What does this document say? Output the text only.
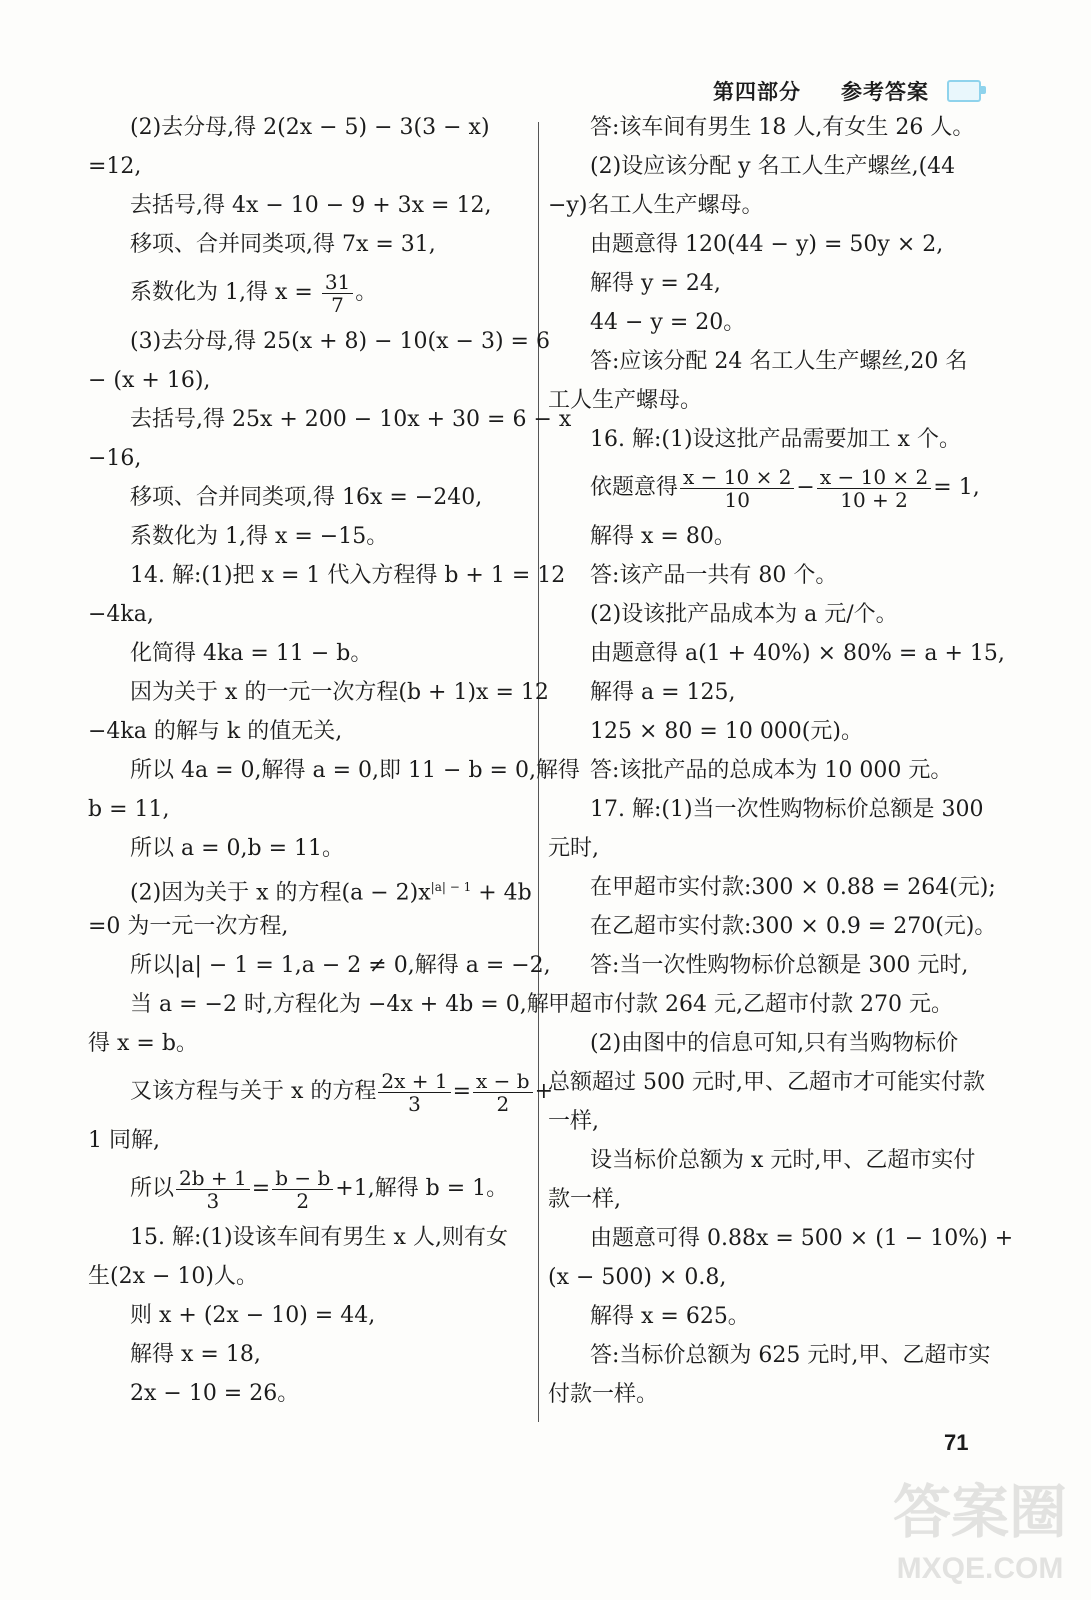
第四部分 参考答案
(2)去分母,得 2(2x − 5) − 3(3 − x)
=12,
去括号,得 4x − 10 − 9 + 3x = 12,
移项、合并同类项,得 7x = 31,
系数化为 1,得 $x = \frac{31}{7}$ 。
(3)去分母,得 25(x + 8) − 10(x − 3) = 6
− (x + 16),
去括号,得 25x + 200 − 10x + 30 = 6 − x
−16,
移项、合并同类项,得 16x = −240,
系数化为 1,得 x = −15。
14. 解:(1)把 x = 1 代入方程得 b + 1 = 12
−4ka,
化简得 4ka = 11 − b。
因为关于 x 的一元一次方程(b + 1)x = 12
−4ka 的解与 k 的值无关,
所以 4a = 0,解得 a = 0,即 11 − b = 0,解得
b = 11,
所以 a = 0,b = 11。
(2)因为关于 x 的方程$(a - 2)x^{|a| - 1} + 4b$
=0 为一元一次方程,
所以|a| − 1 = 1,a − 2 ≠ 0,解得 a = −2,
当 a = −2 时,方程化为 −4x + 4b = 0,解
得 x = b。
又该方程与关于 x 的方程 $\frac{2x + 1}{3} = \frac{x - b}{2}$ +
1 同解,
所以 $\frac{2b + 1}{3} = \frac{b - b}{2} +1$,解得 b = 1。
15. 解:(1)设该车间有男生 x 人,则有女
生(2x − 10)人。
则 x + (2x − 10) = 44,
解得 x = 18,
2x − 10 = 26。
答:该车间有男生 18 人,有女生 26 人。
(2)设应该分配 y 名工人生产螺丝,(44
−y)名工人生产螺母。
由题意得 120(44 − y) = 50y × 2,
解得 y = 24,
44 − y = 20。
答:应该分配 24 名工人生产螺丝,20 名
工人生产螺母。
16. 解:(1)设这批产品需要加工 x 个。
依题意得 $\frac{x - 10 \times 2}{10} - \frac{x - 10 \times 2}{10 + 2} = 1$,
解得 x = 80。
答:该产品一共有 80 个。
(2)设该批产品成本为 a 元/个。
由题意得 a(1 + 40%) × 80% = a + 15,
解得 a = 125,
125 × 80 = 10 000(元)。
答:该批产品的总成本为 10 000 元。
17. 解:(1)当一次性购物标价总额是 300
元时,
在甲超市实付款:300 × 0.88 = 264(元);
在乙超市实付款:300 × 0.9 = 270(元)。
答:当一次性购物标价总额是 300 元时,
甲超市付款 264 元,乙超市付款 270 元。
(2)由图中的信息可知,只有当购物标价
总额超过 500 元时,甲、乙超市才可能实付款
一样,
设当标价总额为 x 元时,甲、乙超市实付
款一样,
由题意可得 0.88x = 500 × (1 − 10%) +
(x − 500) × 0.8,
解得 x = 625。
答:当标价总额为 625 元时,甲、乙超市实
付款一样。
71
答案圈
MXQE.COM
